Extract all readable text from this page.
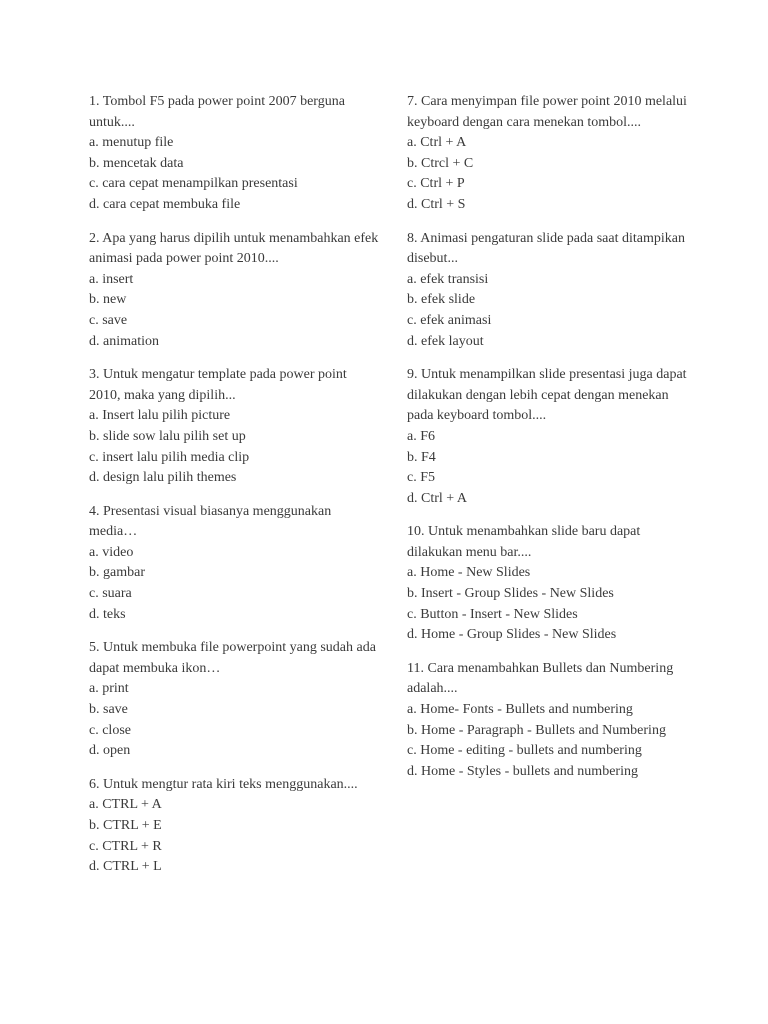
1. Tombol F5 pada power point 2007 berguna untuk....
a. menutup file
b. mencetak data
c. cara cepat menampilkan presentasi
d. cara cepat membuka file
2. Apa yang harus dipilih untuk menambahkan efek animasi pada power point 2010....
a. insert
b. new
c. save
d. animation
3. Untuk mengatur template pada power point 2010, maka yang dipilih...
a. Insert lalu pilih picture
b. slide sow lalu pilih set up
c. insert lalu pilih media clip
d. design lalu pilih themes
4. Presentasi visual biasanya menggunakan media…
a. video
b. gambar
c. suara
d. teks
5. Untuk membuka file powerpoint yang sudah ada dapat membuka ikon…
a. print
b. save
c. close
d. open
6. Untuk mengtur rata kiri teks menggunakan....
a. CTRL + A
b. CTRL + E
c. CTRL + R
d. CTRL + L
7. Cara menyimpan file power point 2010 melalui keyboard dengan cara menekan tombol....
a. Ctrl + A
b. Ctrcl + C
c. Ctrl + P
d. Ctrl + S
8. Animasi pengaturan slide pada saat ditampikan disebut...
a. efek transisi
b. efek slide
c. efek animasi
d. efek layout
9. Untuk menampilkan slide presentasi juga dapat dilakukan dengan lebih cepat dengan menekan pada keyboard tombol....
a. F6
b. F4
c. F5
d. Ctrl + A
10. Untuk menambahkan slide baru dapat dilakukan menu bar....
a. Home - New Slides
b. Insert - Group Slides - New Slides
c. Button - Insert - New Slides
d. Home - Group Slides - New Slides
11. Cara menambahkan Bullets dan Numbering adalah....
a. Home- Fonts - Bullets and numbering
b. Home - Paragraph - Bullets and Numbering
c. Home - editing - bullets and numbering
d. Home - Styles - bullets and numbering
